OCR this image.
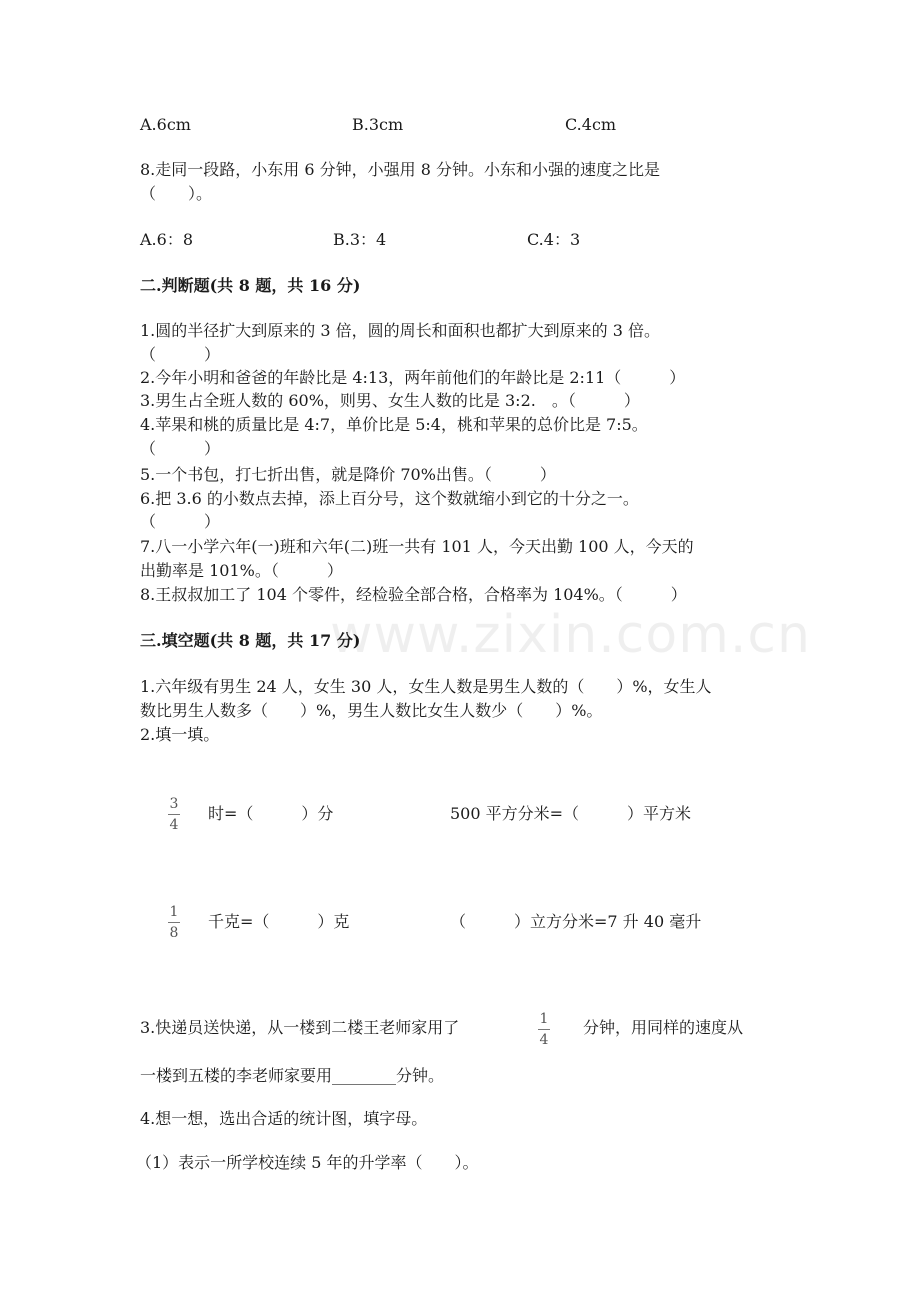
A.6cm	B.3cm	C.4cm
8.走同一段路，小东用 6 分钟，小强用 8 分钟。小东和小强的速度之比是
（　　）。
A.6：8	B.3：4	C.4：3
二.判断题(共 8 题，共 16 分)
1.圆的半径扩大到原来的 3 倍，圆的周长和面积也都扩大到原来的 3 倍。
（　　　）
2.今年小明和爸爸的年龄比是 4:13，两年前他们的年龄比是 2:11（　　　）
3.男生占全班人数的 60%，则男、女生人数的比是 3:2.　。（　　　）
4.苹果和桃的质量比是 4:7，单价比是 5:4，桃和苹果的总价比是 7:5。
（　　　）
5.一个书包，打七折出售，就是降价 70%出售。（　　　）
6.把 3.6 的小数点去掉，添上百分号，这个数就缩小到它的十分之一。
（　　　）
7.八一小学六年(一)班和六年(二)班一共有 101 人，今天出勤 100 人，今天的
出勤率是 101%。（　　　）
8.王叔叔加工了 104 个零件，经检验全部合格，合格率为 104%。（　　　）
www.zixin.com.cn
三.填空题(共 8 题，共 17 分)
1.六年级有男生 24 人，女生 30 人，女生人数是男生人数的（　　）%，女生人
数比男生人数多（　　）%，男生人数比女生人数少（　　）%。
2.填一填。
3
4
时=（　　　）分	500 平方分米=（　　　）平方米
1
8
千克=（　　　）克	（　　　）立方分米=7 升 40 毫升
3.快递员送快递，从一楼到二楼王老师家用了	1
4
分钟，用同样的速度从
一楼到五楼的李老师家要用________分钟。
4.想一想，选出合适的统计图，填字母。
（1）表示一所学校连续 5 年的升学率（　　）。
